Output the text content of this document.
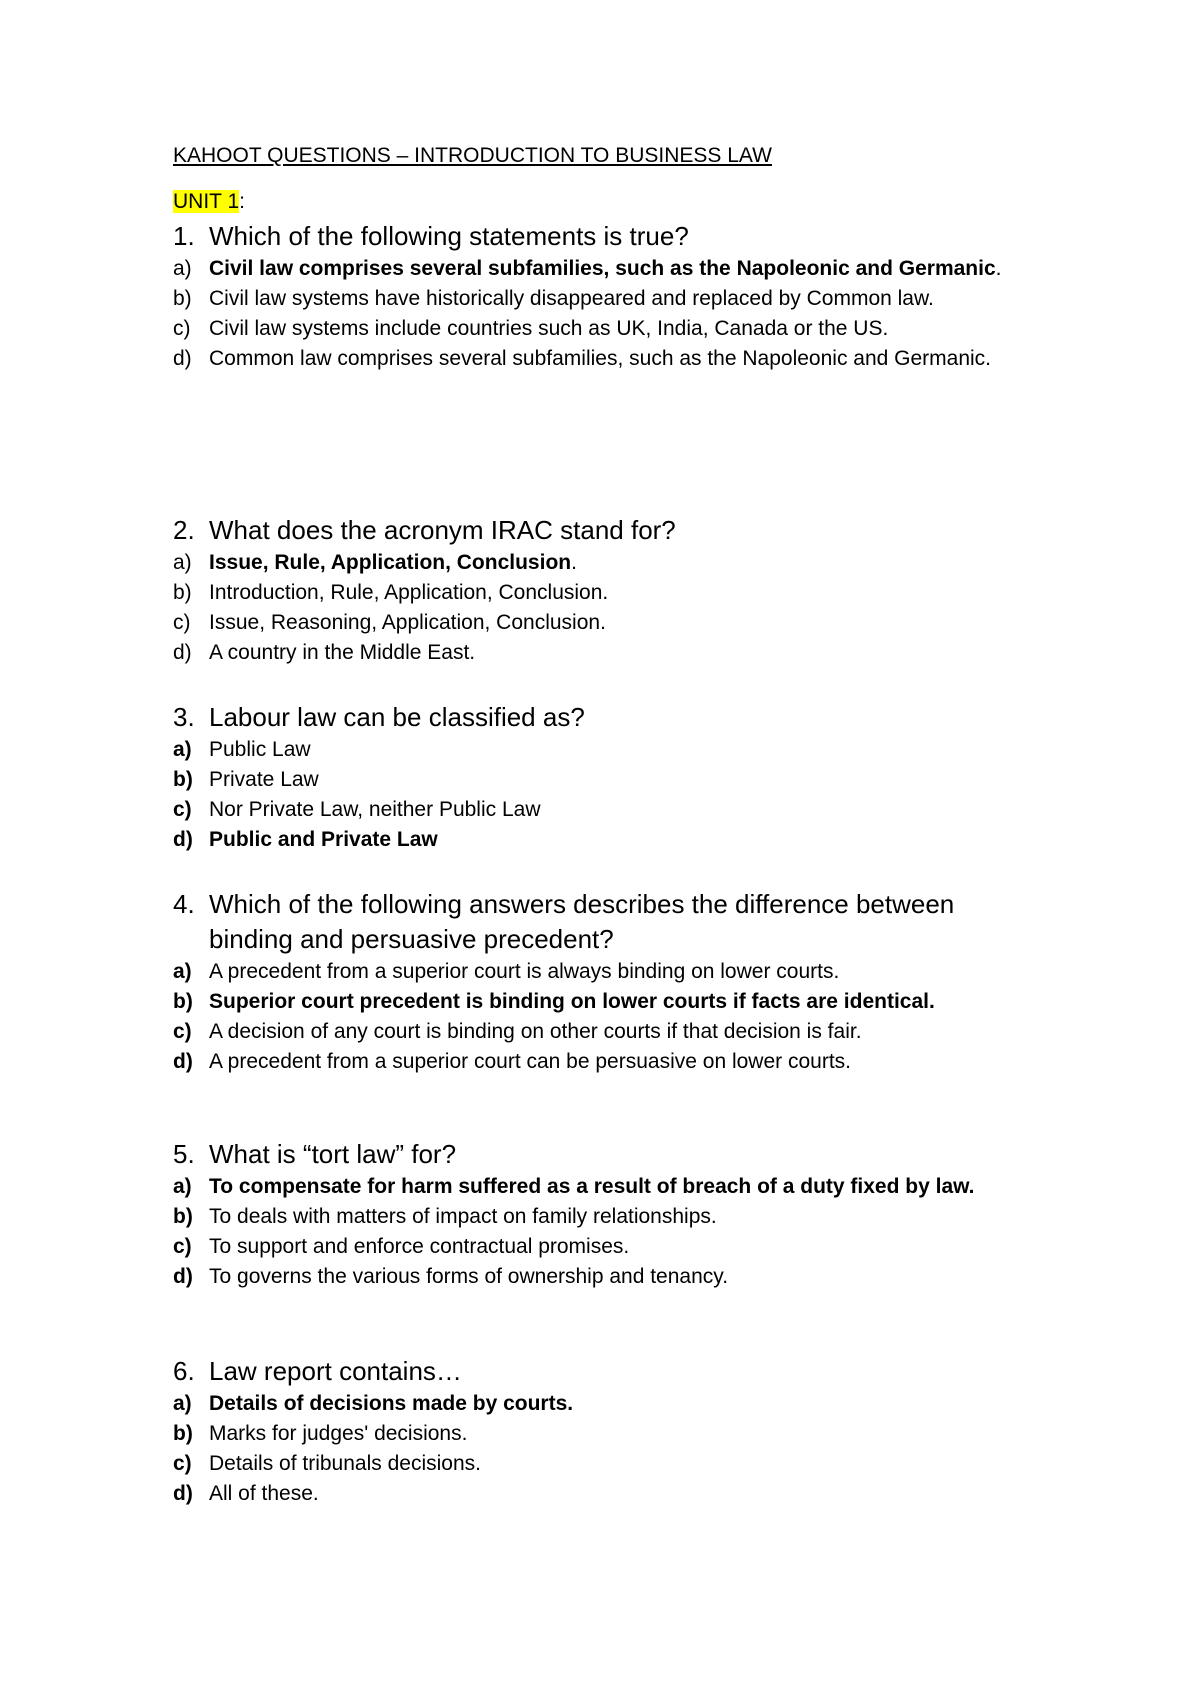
KAHOOT QUESTIONS – INTRODUCTION TO BUSINESS LAW
UNIT 1:
1. Which of the following statements is true?
a) Civil law comprises several subfamilies, such as the Napoleonic and Germanic.
b) Civil law systems have historically disappeared and replaced by Common law.
c) Civil law systems include countries such as UK, India, Canada or the US.
d) Common law comprises several subfamilies, such as the Napoleonic and Germanic.
2. What does the acronym IRAC stand for?
a) Issue, Rule, Application, Conclusion.
b) Introduction, Rule, Application, Conclusion.
c) Issue, Reasoning, Application, Conclusion.
d) A country in the Middle East.
3. Labour law can be classified as?
a) Public Law
b) Private Law
c) Nor Private Law, neither Public Law
d) Public and Private Law
4. Which of the following answers describes the difference between binding and persuasive precedent?
a) A precedent from a superior court is always binding on lower courts.
b) Superior court precedent is binding on lower courts if facts are identical.
c) A decision of any court is binding on other courts if that decision is fair.
d) A precedent from a superior court can be persuasive on lower courts.
5. What is “tort law” for?
a) To compensate for harm suffered as a result of breach of a duty fixed by law.
b) To deals with matters of impact on family relationships.
c) To support and enforce contractual promises.
d) To governs the various forms of ownership and tenancy.
6. Law report contains…
a) Details of decisions made by courts.
b) Marks for judges' decisions.
c) Details of tribunals decisions.
d) All of these.
